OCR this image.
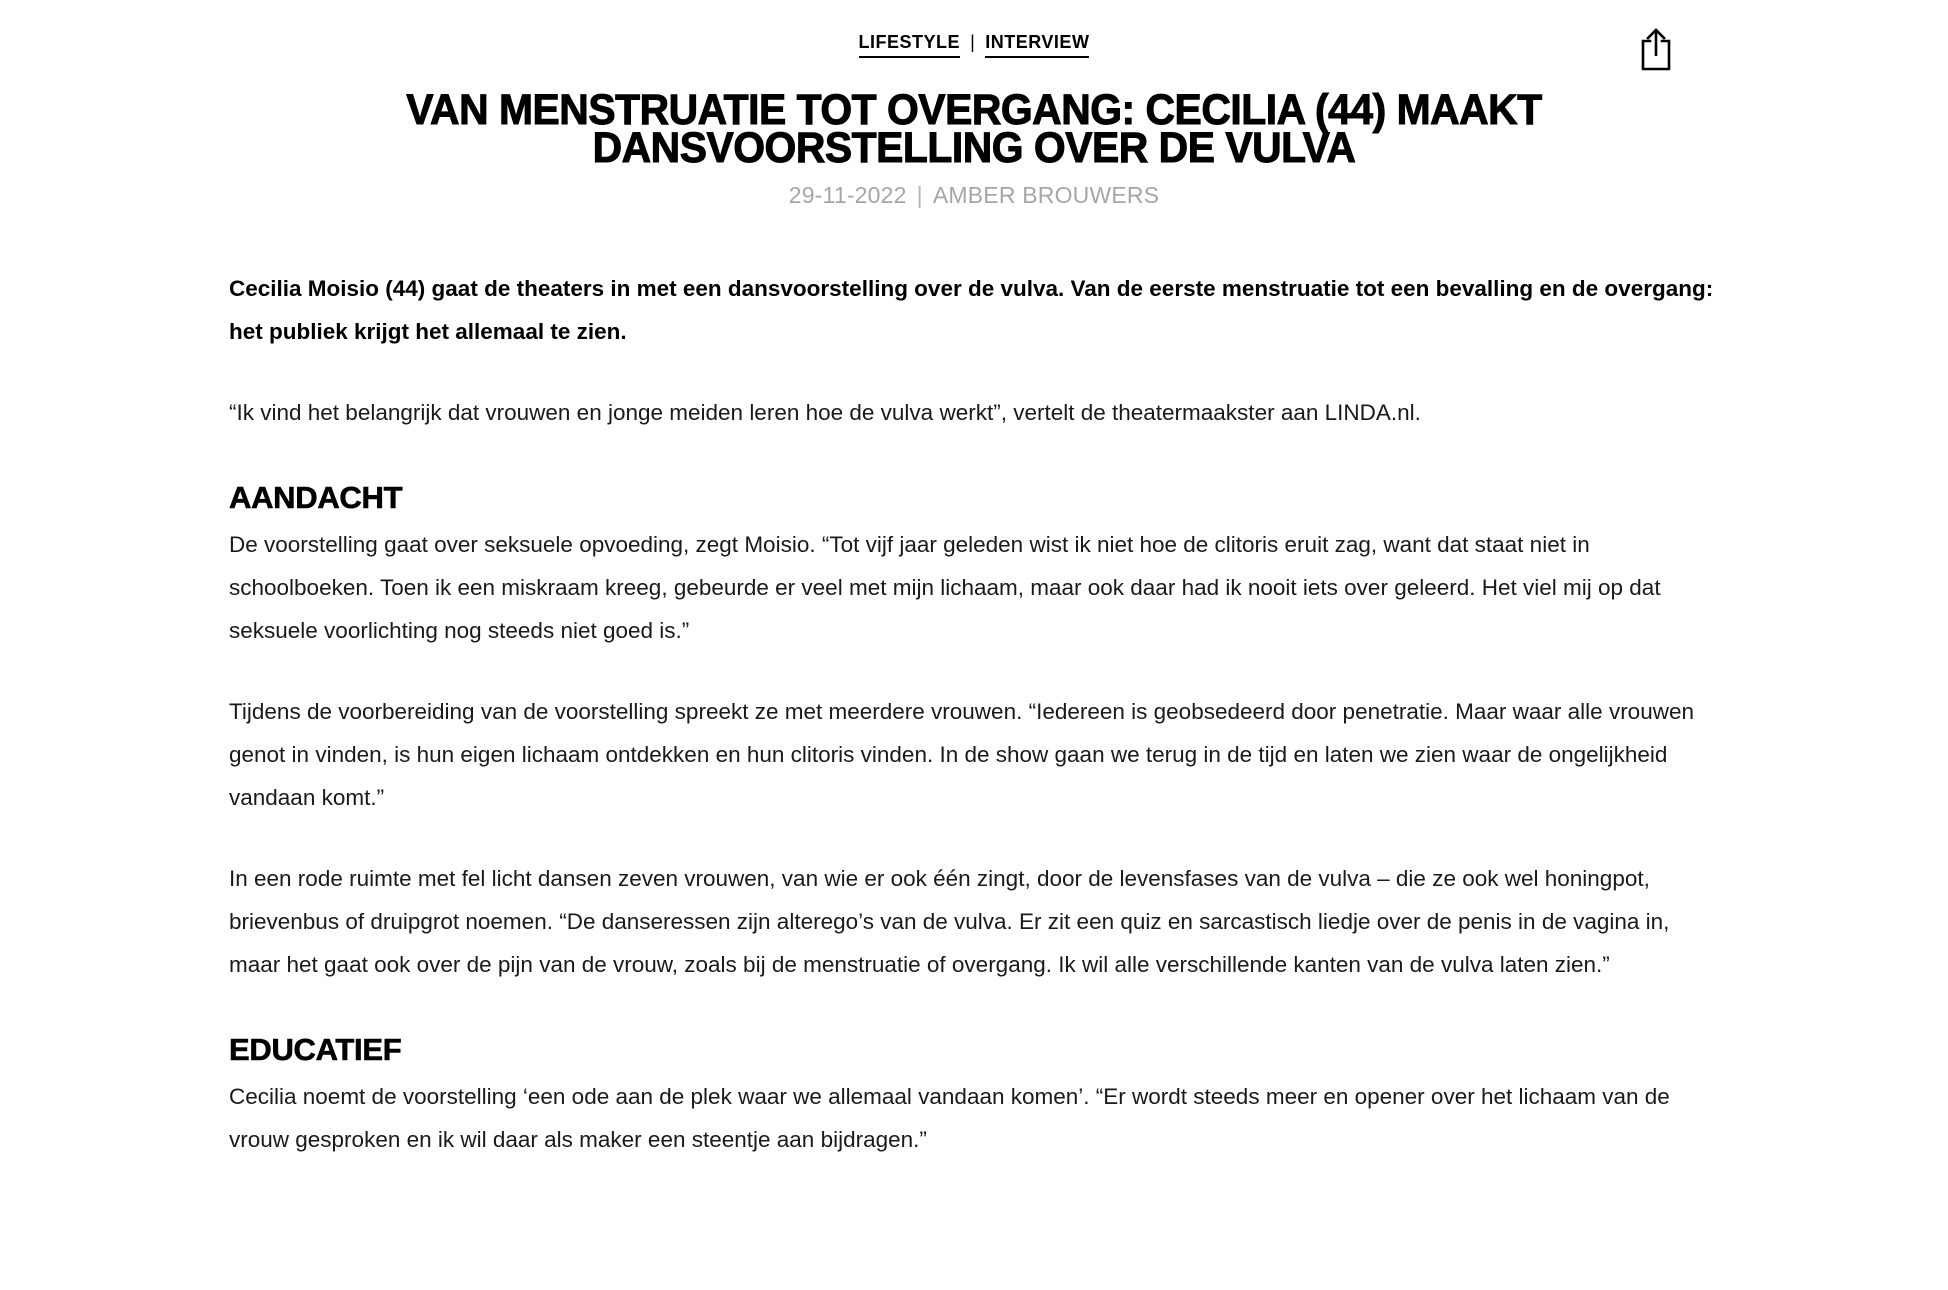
LIFESTYLE | INTERVIEW
VAN MENSTRUATIE TOT OVERGANG: CECILIA (44) MAAKT
DANSVOORSTELLING OVER DE VULVA
29-11-2022 | AMBER BROUWERS

Cecilia Moisio (44) gaat de theaters in met een dansvoorstelling over de vulva. Van de eerste menstruatie tot een bevalling en de overgang: het publiek krijgt het allemaal te zien.

“Ik vind het belangrijk dat vrouwen en jonge meiden leren hoe de vulva werkt”, vertelt de theatermaakster aan LINDA.nl.

AANDACHT

De voorstelling gaat over seksuele opvoeding, zegt Moisio. “Tot vijf jaar geleden wist ik niet hoe de clitoris eruit zag, want dat staat niet in schoolboeken. Toen ik een miskraam kreeg, gebeurde er veel met mijn lichaam, maar ook daar had ik nooit iets over geleerd. Het viel mij op dat seksuele voorlichting nog steeds niet goed is.”

Tijdens de voorbereiding van de voorstelling spreekt ze met meerdere vrouwen. “Iedereen is geobsedeerd door penetratie. Maar waar alle vrouwen genot in vinden, is hun eigen lichaam ontdekken en hun clitoris vinden. In de show gaan we terug in de tijd en laten we zien waar de ongelijkheid vandaan komt.”

In een rode ruimte met fel licht dansen zeven vrouwen, van wie er ook één zingt, door de levensfases van de vulva – die ze ook wel honingpot, brievenbus of druipgrot noemen. “De danseressen zijn alterego’s van de vulva. Er zit een quiz en sarcastisch liedje over de penis in de vagina in, maar het gaat ook over de pijn van de vrouw, zoals bij de menstruatie of overgang. Ik wil alle verschillende kanten van de vulva laten zien.”

EDUCATIEF

Cecilia noemt de voorstelling ‘een ode aan de plek waar we allemaal vandaan komen’. “Er wordt steeds meer en opener over het lichaam van de vrouw gesproken en ik wil daar als maker een steentje aan bijdragen.”
